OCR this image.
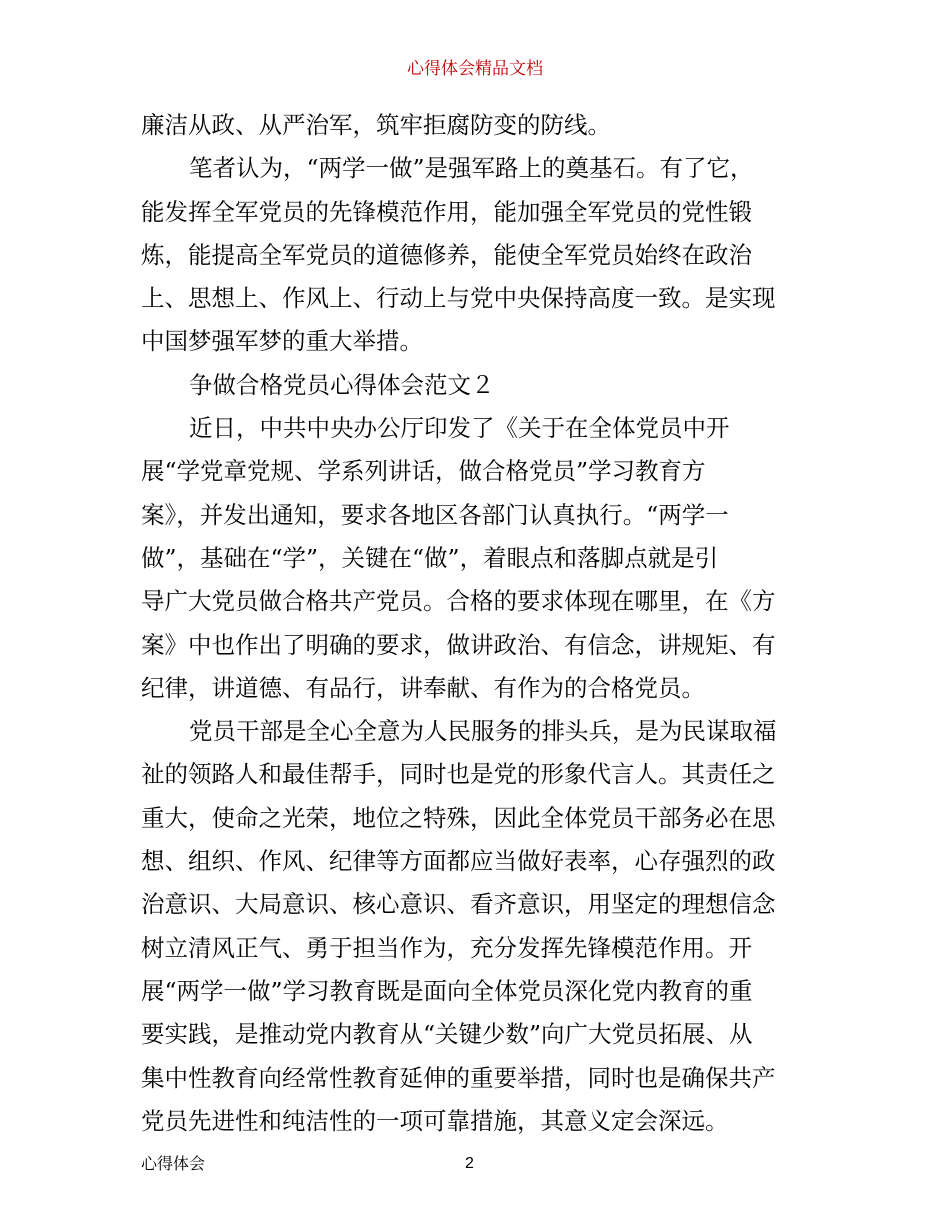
心得体会精品文档
廉洁从政、从严治军，筑牢拒腐防变的防线。
笔者认为，“两学一做”是强军路上的奠基石。有了它，
能发挥全军党员的先锋模范作用，能加强全军党员的党性锻
炼，能提高全军党员的道德修养，能使全军党员始终在政治
上、思想上、作风上、行动上与党中央保持高度一致。是实现
中国梦强军梦的重大举措。
争做合格党员心得体会范文２
近日，中共中央办公厅印发了《关于在全体党员中开
展“学党章党规、学系列讲话，做合格党员”学习教育方
案》，并发出通知，要求各地区各部门认真执行。“两学一
做”，基础在“学”，关键在“做”，着眼点和落脚点就是引
导广大党员做合格共产党员。合格的要求体现在哪里，在《方
案》中也作出了明确的要求，做讲政治、有信念，讲规矩、有
纪律，讲道德、有品行，讲奉献、有作为的合格党员。
党员干部是全心全意为人民服务的排头兵，是为民谋取福
祉的领路人和最佳帮手，同时也是党的形象代言人。其责任之
重大，使命之光荣，地位之特殊，因此全体党员干部务必在思
想、组织、作风、纪律等方面都应当做好表率，心存强烈的政
治意识、大局意识、核心意识、看齐意识，用坚定的理想信念
树立清风正气、勇于担当作为，充分发挥先锋模范作用。开
展“两学一做”学习教育既是面向全体党员深化党内教育的重
要实践，是推动党内教育从“关键少数”向广大党员拓展、从
集中性教育向经常性教育延伸的重要举措，同时也是确保共产
党员先进性和纯洁性的一项可靠措施，其意义定会深远。
心得体会	2
